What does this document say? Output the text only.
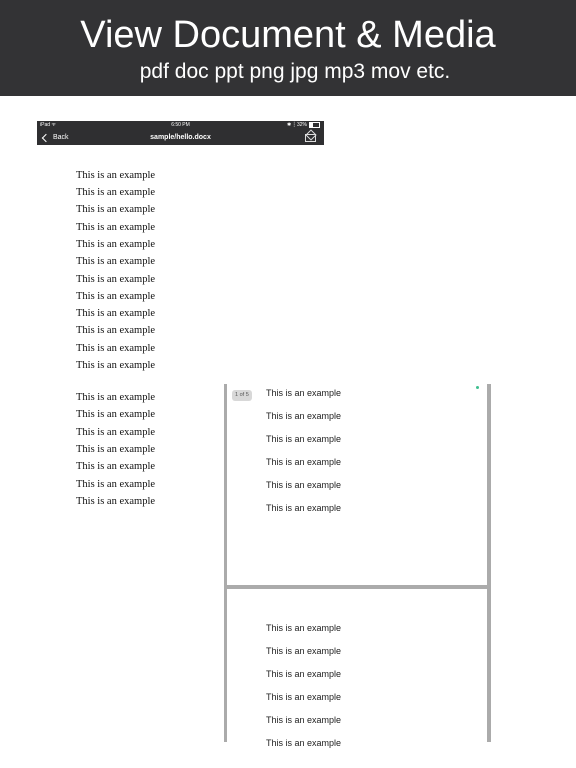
View Document & Media
pdf doc ppt png jpg mp3 mov etc.
iPad ᯤ	6:50 PM	✱ ┆ 32%
Back	sample/hello.docx
This is an example
This is an example
This is an example
This is an example
This is an example
This is an example
This is an example
This is an example
This is an example
This is an example
This is an example
This is an example
This is an example
This is an example
This is an example
This is an example
This is an example
This is an example
This is an example
1 of 5	This is an example
This is an example
This is an example
This is an example
This is an example
This is an example
This is an example
This is an example
This is an example
This is an example
This is an example
This is an example
